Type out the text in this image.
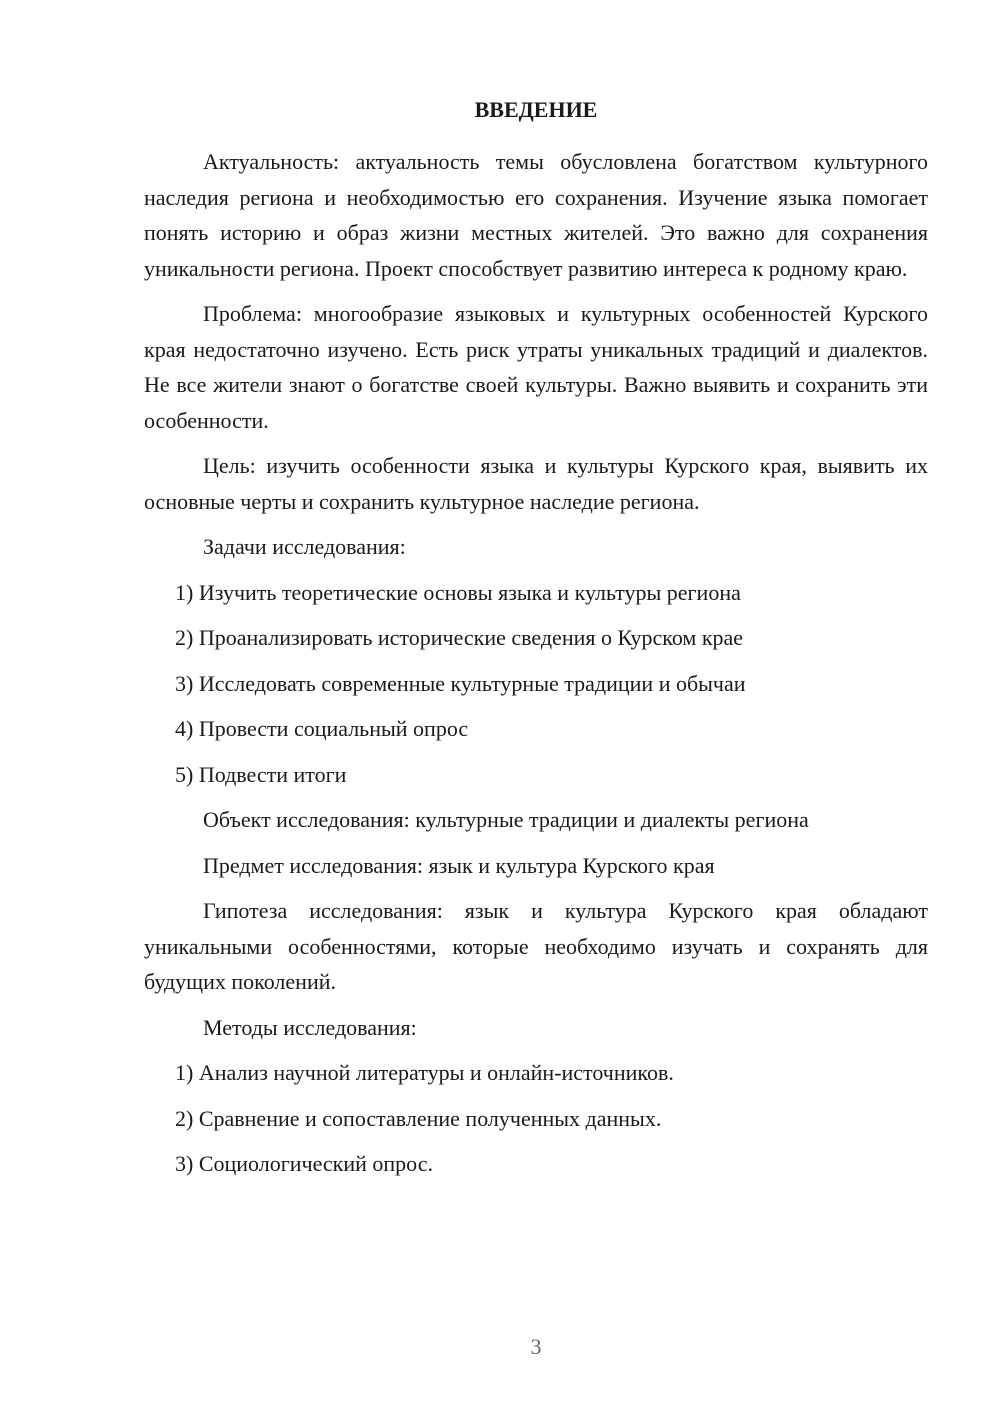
ВВЕДЕНИЕ

Актуальность: актуальность темы обусловлена богатством культурного наследия региона и необходимостью его сохранения. Изучение языка помогает понять историю и образ жизни местных жителей. Это важно для сохранения уникальности региона. Проект способствует развитию интереса к родному краю.

Проблема: многообразие языковых и культурных особенностей Курского края недостаточно изучено. Есть риск утраты уникальных традиций и диалектов. Не все жители знают о богатстве своей культуры. Важно выявить и сохранить эти особенности.

Цель: изучить особенности языка и культуры Курского края, выявить их основные черты и сохранить культурное наследие региона.

Задачи исследования:
1) Изучить теоретические основы языка и культуры региона
2) Проанализировать исторические сведения о Курском крае
3) Исследовать современные культурные традиции и обычаи
4) Провести социальный опрос
5) Подвести итоги
Объект исследования: культурные традиции и диалекты региона
Предмет исследования: язык и культура Курского края

Гипотеза исследования: язык и культура Курского края обладают уникальными особенностями, которые необходимо изучать и сохранять для будущих поколений.

Методы исследования:
1) Анализ научной литературы и онлайн-источников.
2) Сравнение и сопоставление полученных данных.
3) Социологический опрос.
3
